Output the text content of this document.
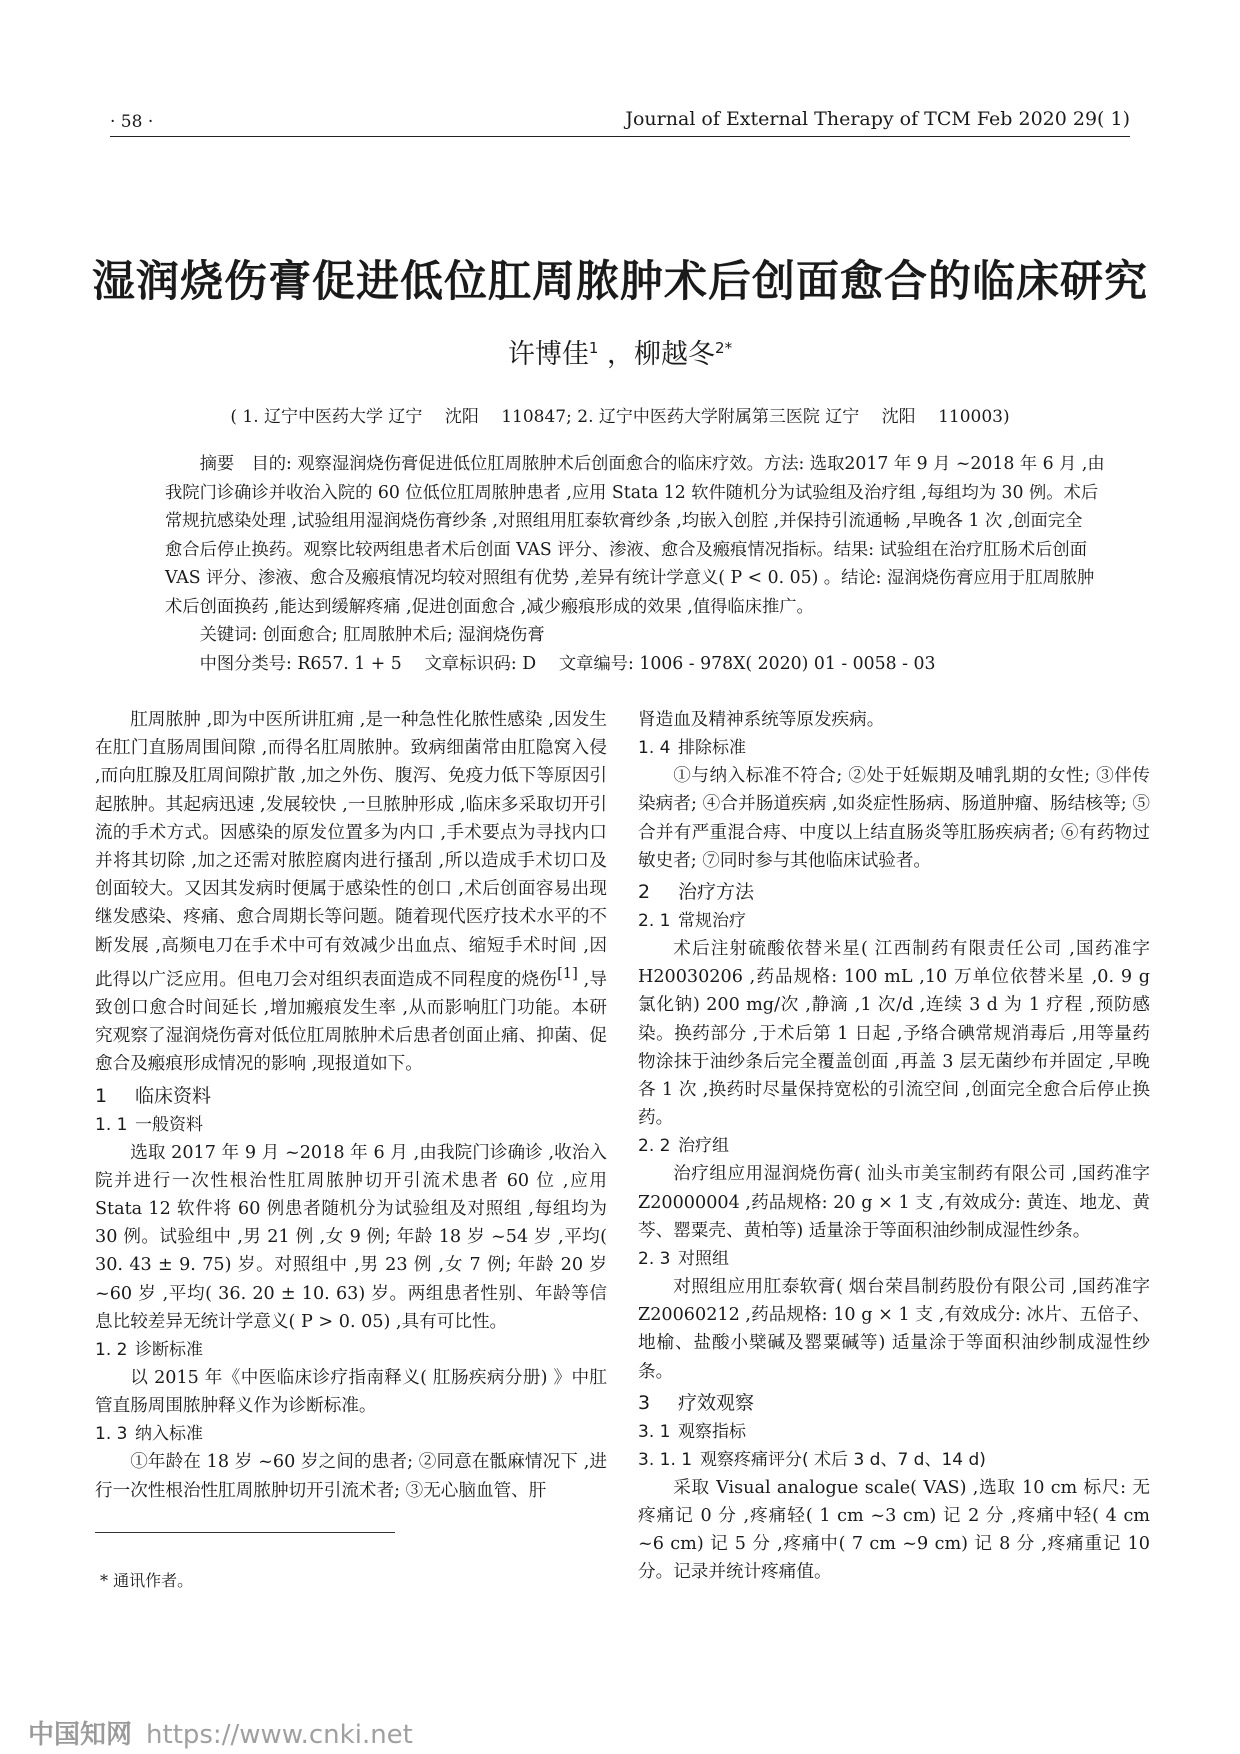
· 58 ·	Journal of External Therapy of TCM Feb 2020 29( 1)
湿润烧伤膏促进低位肛周脓肿术后创面愈合的临床研究
许博佳$^1$ ，柳越冬$^{2*}$
( 1. 辽宁中医药大学 辽宁 　沈阳 　110847; 2. 辽宁中医药大学附属第三医院 辽宁 　沈阳 　110003)

摘要　目的: 观察湿润烧伤膏促进低位肛周脓肿术后创面愈合的临床疗效。方法: 选取2017 年 9 月 ~2018 年 6 月 ,由

我院门诊确诊并收治入院的 60 位低位肛周脓肿患者 ,应用 Stata 12 软件随机分为试验组及治疗组 ,每组均为 30 例。术后
常规抗感染处理 ,试验组用湿润烧伤膏纱条 ,对照组用肛泰软膏纱条 ,均嵌入创腔 ,并保持引流通畅 ,早晚各 1 次 ,创面完全
愈合后停止换药。观察比较两组患者术后创面 VAS 评分、渗液、愈合及瘢痕情况指标。结果: 试验组在治疗肛肠术后创面
VAS 评分、渗液、愈合及瘢痕情况均较对照组有优势 ,差异有统计学意义( P < 0. 05) 。结论: 湿润烧伤膏应用于肛周脓肿
术后创面换药 ,能达到缓解疼痛 ,促进创面愈合 ,减少瘢痕形成的效果 ,值得临床推广。

关键词: 创面愈合; 肛周脓肿术后; 湿润烧伤膏

中图分类号: R657. 1 + 5　 文章标识码: D　 文章编号: 1006 - 978X( 2020) 01 - 0058 - 03

肛周脓肿 ,即为中医所讲肛痈 ,是一种急性化脓性感染 ,因发生在肛门直肠周围间隙 ,而得名肛周脓肿。致病细菌常由肛隐窝入侵 ,而向肛腺及肛周间隙扩散 ,加之外伤、腹泻、免疫力低下等原因引起脓肿。其起病迅速 ,发展较快 ,一旦脓肿形成 ,临床多采取切开引流的手术方式。因感染的原发位置多为内口 ,手术要点为寻找内口并将其切除 ,加之还需对脓腔腐肉进行搔刮 ,所以造成手术切口及创面较大。又因其发病时便属于感染性的创口 ,术后创面容易出现继发感染、疼痛、愈合周期长等问题。随着现代医疗技术水平的不断发展 ,高频电刀在手术中可有效减少出血点、缩短手术时间 ,因此得以广泛应用。但电刀会对组织表面造成不同程度的烧伤[1] ,导致创口愈合时间延长 ,增加瘢痕发生率 ,从而影响肛门功能。本研究观察了湿润烧伤膏对低位肛周脓肿术后患者创面止痛、抑菌、促愈合及瘢痕形成情况的影响 ,现报道如下。

1 临床资料
1. 1 一般资料

选取 2017 年 9 月 ~2018 年 6 月 ,由我院门诊确诊 ,收治入院并进行一次性根治性肛周脓肿切开引流术患者 60 位 ,应用 Stata 12 软件将 60 例患者随机分为试验组及对照组 ,每组均为 30 例。试验组中 ,男 21 例 ,女 9 例; 年龄 18 岁 ~54 岁 ,平均( 30. 43 ± 9. 75) 岁。对照组中 ,男 23 例 ,女 7 例; 年龄 20 岁 ~60 岁 ,平均( 36. 20 ± 10. 63) 岁。两组患者性别、年龄等信息比较差异无统计学意义( P > 0. 05) ,具有可比性。

1. 2 诊断标准

以 2015 年《中医临床诊疗指南释义( 肛肠疾病分册) 》中肛管直肠周围脓肿释义作为诊断标准。

1. 3 纳入标准

①年龄在 18 岁 ~60 岁之间的患者; ②同意在骶麻情况下 ,进行一次性根治性肛周脓肿切开引流术者; ③无心脑血管、肝

肾造血及精神系统等原发疾病。

1. 4 排除标准

①与纳入标准不符合; ②处于妊娠期及哺乳期的女性; ③伴传染病者; ④合并肠道疾病 ,如炎症性肠病、肠道肿瘤、肠结核等; ⑤合并有严重混合痔、中度以上结直肠炎等肛肠疾病者; ⑥有药物过敏史者; ⑦同时参与其他临床试验者。

2 治疗方法
2. 1 常规治疗

术后注射硫酸依替米星( 江西制药有限责任公司 ,国药准字 H20030206 ,药品规格: 100 mL ,10 万单位依替米星 ,0. 9 g 氯化钠) 200 mg/次 ,静滴 ,1 次/d ,连续 3 d 为 1 疗程 ,预防感染。换药部分 ,于术后第 1 日起 ,予络合碘常规消毒后 ,用等量药物涂抹于油纱条后完全覆盖创面 ,再盖 3 层无菌纱布并固定 ,早晚各 1 次 ,换药时尽量保持宽松的引流空间 ,创面完全愈合后停止换药。

2. 2 治疗组

治疗组应用湿润烧伤膏( 汕头市美宝制药有限公司 ,国药准字 Z20000004 ,药品规格: 20 g × 1 支 ,有效成分: 黄连、地龙、黄芩、罂粟壳、黄柏等) 适量涂于等面积油纱制成湿性纱条。

2. 3 对照组

对照组应用肛泰软膏( 烟台荣昌制药股份有限公司 ,国药准字 Z20060212 ,药品规格: 10 g × 1 支 ,有效成分: 冰片、五倍子、地榆、盐酸小檗碱及罂粟碱等) 适量涂于等面积油纱制成湿性纱条。

3 疗效观察
3. 1 观察指标
3. 1. 1 观察疼痛评分( 术后 3 d、7 d、14 d)

采取 Visual analogue scale( VAS) ,选取 10 cm 标尺: 无疼痛记 0 分 ,疼痛轻( 1 cm ~3 cm) 记 2 分 ,疼痛中轻( 4 cm ~6 cm) 记 5 分 ,疼痛中( 7 cm ~9 cm) 记 8 分 ,疼痛重记 10 分。记录并统计疼痛值。

* 通讯作者。
中国知网 https://www.cnki.net
